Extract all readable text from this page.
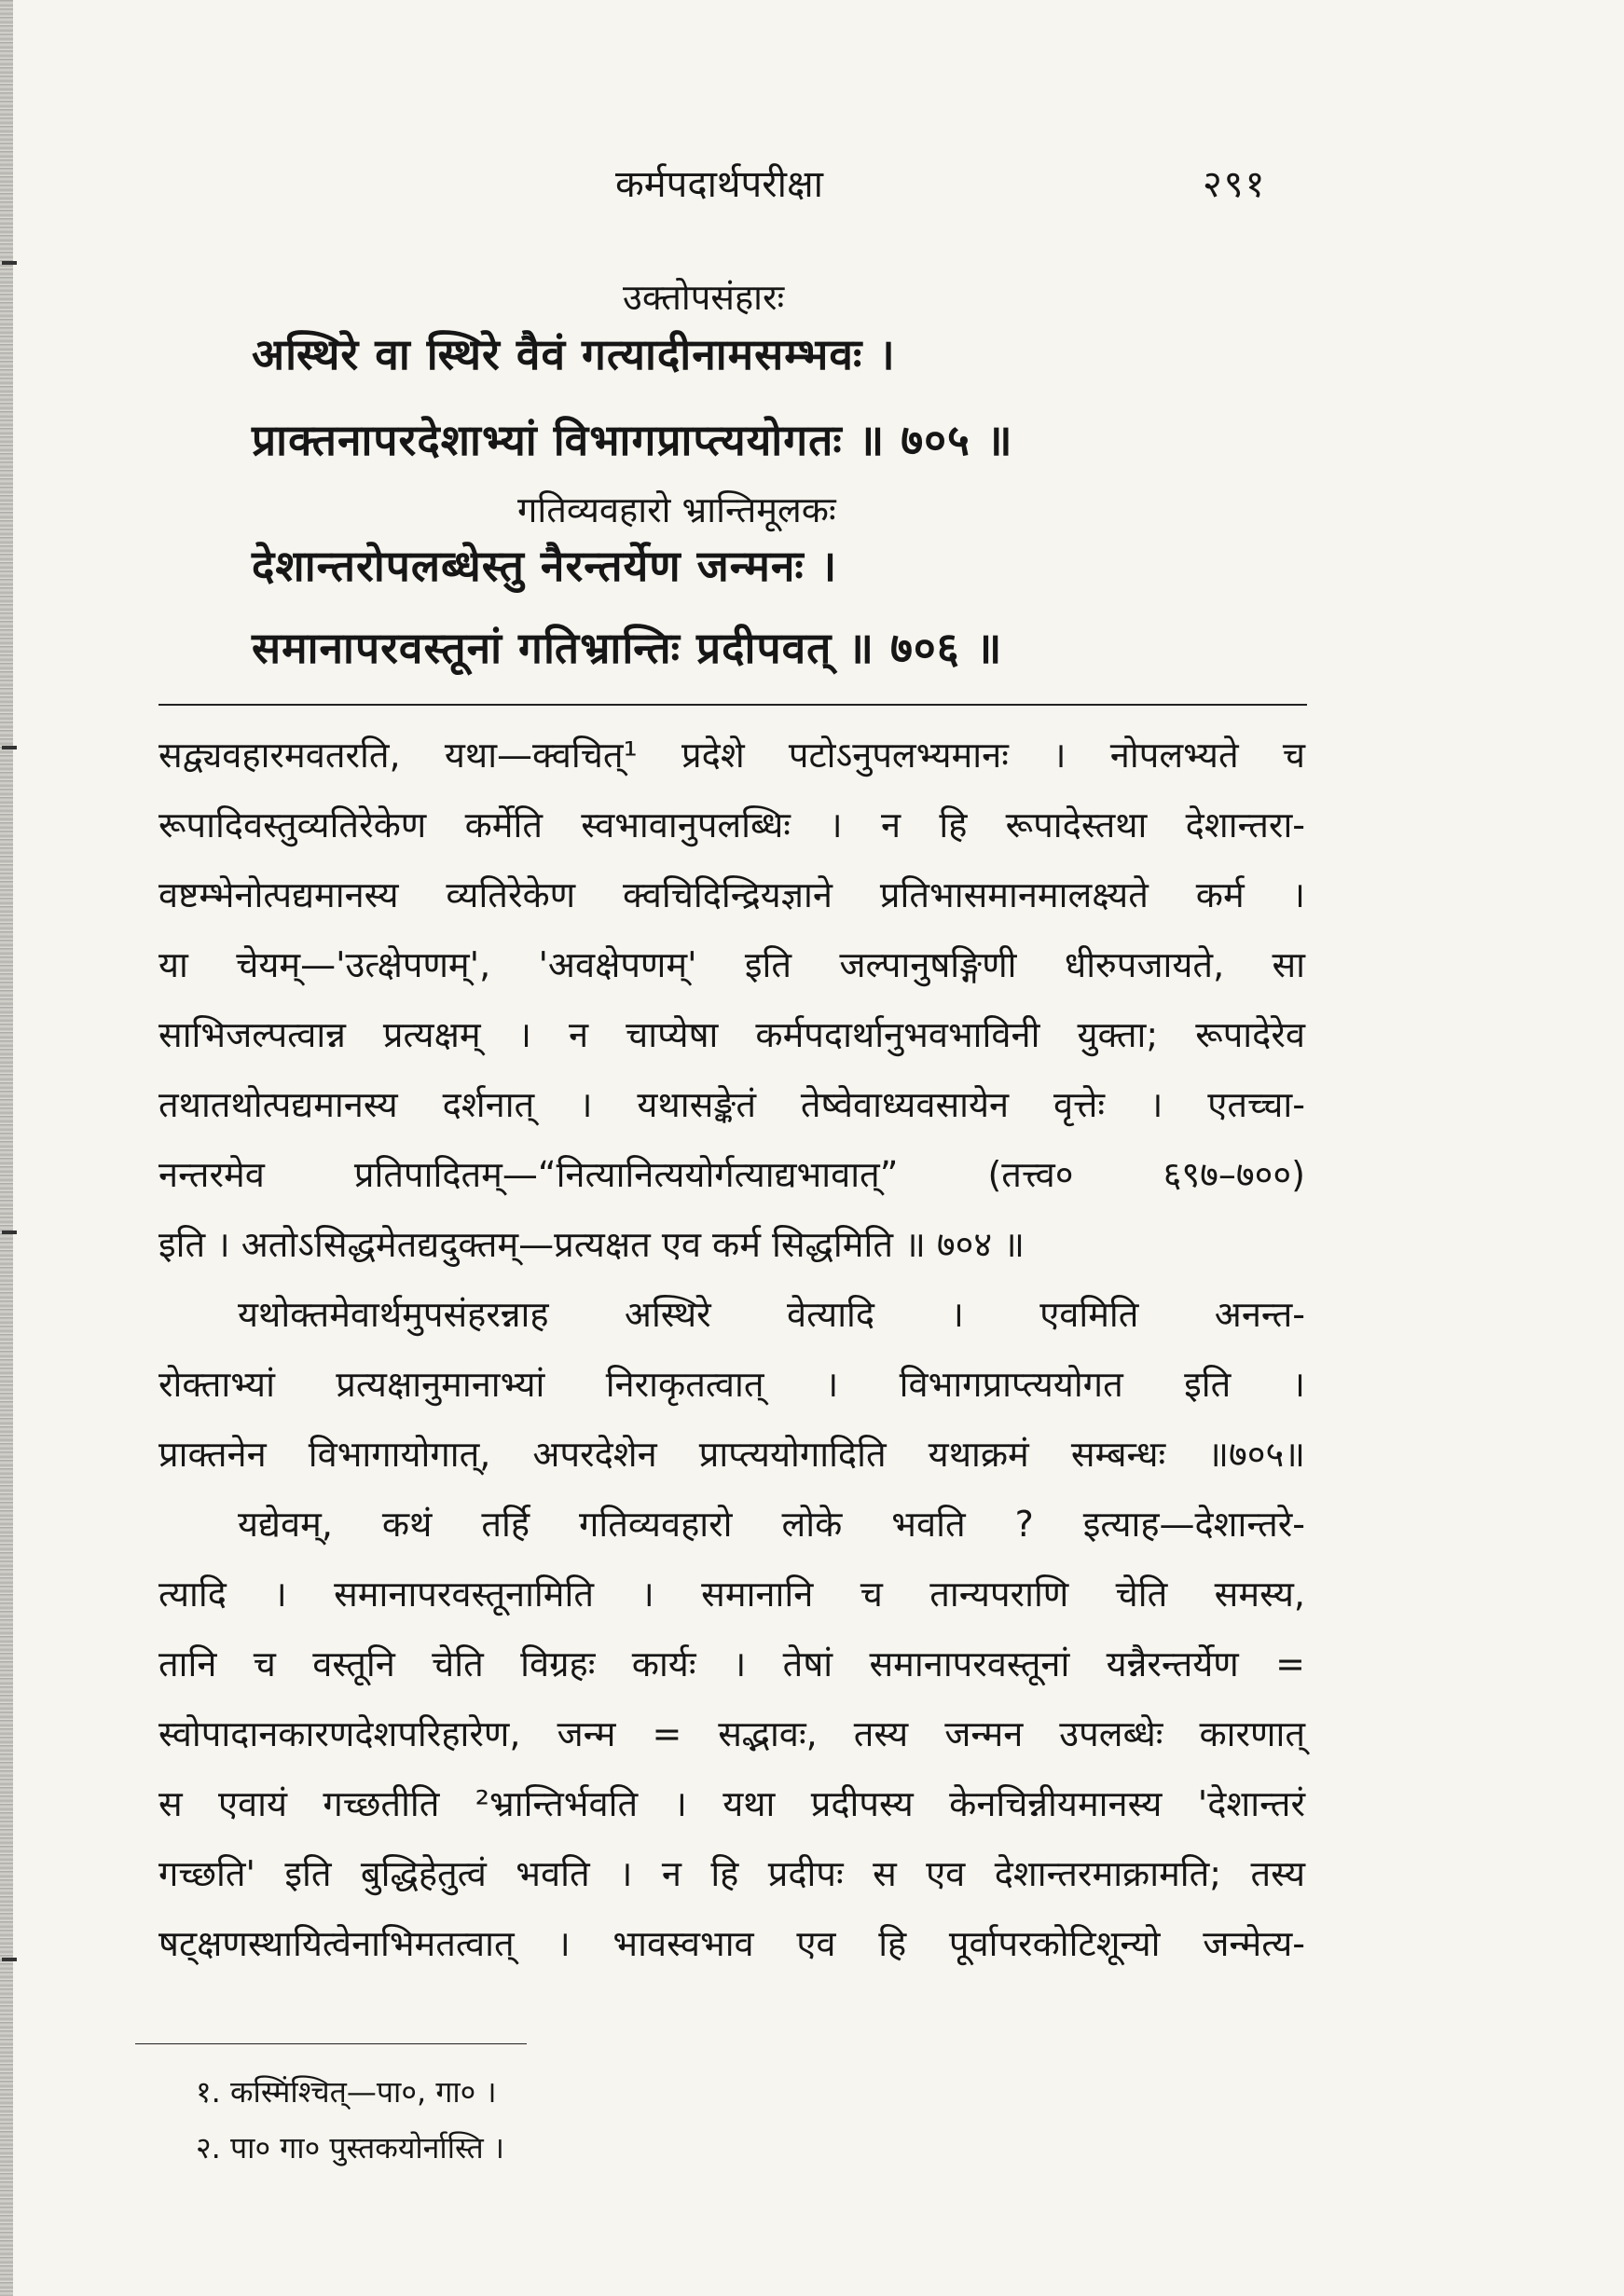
कर्मपदार्थपरीक्षा	२९१
उक्तोपसंहारः
अस्थिरे वा स्थिरे वैवं गत्यादीनामसम्भवः ।
प्राक्तनापरदेशाभ्यां विभागप्राप्त्ययोगतः ॥ ७०५ ॥
गतिव्यवहारो भ्रान्तिमूलकः
देशान्तरोपलब्धेस्तु नैरन्तर्येण जन्मनः ।
समानापरवस्तूनां गतिभ्रान्तिः प्रदीपवत् ॥ ७०६ ॥
सद्व्यवहारमवतरति, यथा—क्वचित्¹ प्रदेशे पटोऽनुपलभ्यमानः । नोपलभ्यते च
रूपादिवस्तुव्यतिरेकेण कर्मेति स्वभावानुपलब्धिः । न हि रूपादेस्तथा देशान्तरा-
वष्टम्भेनोत्पद्यमानस्य व्यतिरेकेण क्वचिदिन्द्रियज्ञाने प्रतिभासमानमालक्ष्यते कर्म ।
या चेयम्—'उत्क्षेपणम्', 'अवक्षेपणम्' इति जल्पानुषङ्गिणी धीरुपजायते, सा
साभिजल्पत्वान्न प्रत्यक्षम् । न चाप्येषा कर्मपदार्थानुभवभाविनी युक्ता; रूपादेरेव
तथातथोत्पद्यमानस्य दर्शनात् । यथासङ्केतं तेष्वेवाध्यवसायेन वृत्तेः । एतच्चा-
नन्तरमेव प्रतिपादितम्—“नित्यानित्ययोर्गत्याद्यभावात्” (तत्त्व० ६९७–७००)
इति । अतोऽसिद्धमेतद्यदुक्तम्—प्रत्यक्षत एव कर्म सिद्धमिति ॥ ७०४ ॥
यथोक्तमेवार्थमुपसंहरन्नाह अस्थिरे वेत्यादि । एवमिति अनन्त-
रोक्ताभ्यां प्रत्यक्षानुमानाभ्यां निराकृतत्वात् । विभागप्राप्त्ययोगत इति ।
प्राक्तनेन विभागायोगात्, अपरदेशेन प्राप्त्ययोगादिति यथाक्रमं सम्बन्धः ॥७०५॥
यद्येवम्, कथं तर्हि गतिव्यवहारो लोके भवति ? इत्याह—देशान्तरे-
त्यादि । समानापरवस्तूनामिति । समानानि च तान्यपराणि चेति समस्य,
तानि च वस्तूनि चेति विग्रहः कार्यः । तेषां समानापरवस्तूनां यन्नैरन्तर्येण =
स्वोपादानकारणदेशपरिहारेण, जन्म = सद्भावः, तस्य जन्मन उपलब्धेः कारणात्
स एवायं गच्छतीति ²भ्रान्तिर्भवति । यथा प्रदीपस्य केनचिन्नीयमानस्य 'देशान्तरं
गच्छति' इति बुद्धिहेतुत्वं भवति । न हि प्रदीपः स एव देशान्तरमाक्रामति; तस्य
षट्क्षणस्थायित्वेनाभिमतत्वात् । भावस्वभाव एव हि पूर्वापरकोटिशून्यो जन्मेत्य-
१. कस्मिंश्चित्—पा०, गा० ।
२. पा० गा० पुस्तकयोर्नास्ति ।
